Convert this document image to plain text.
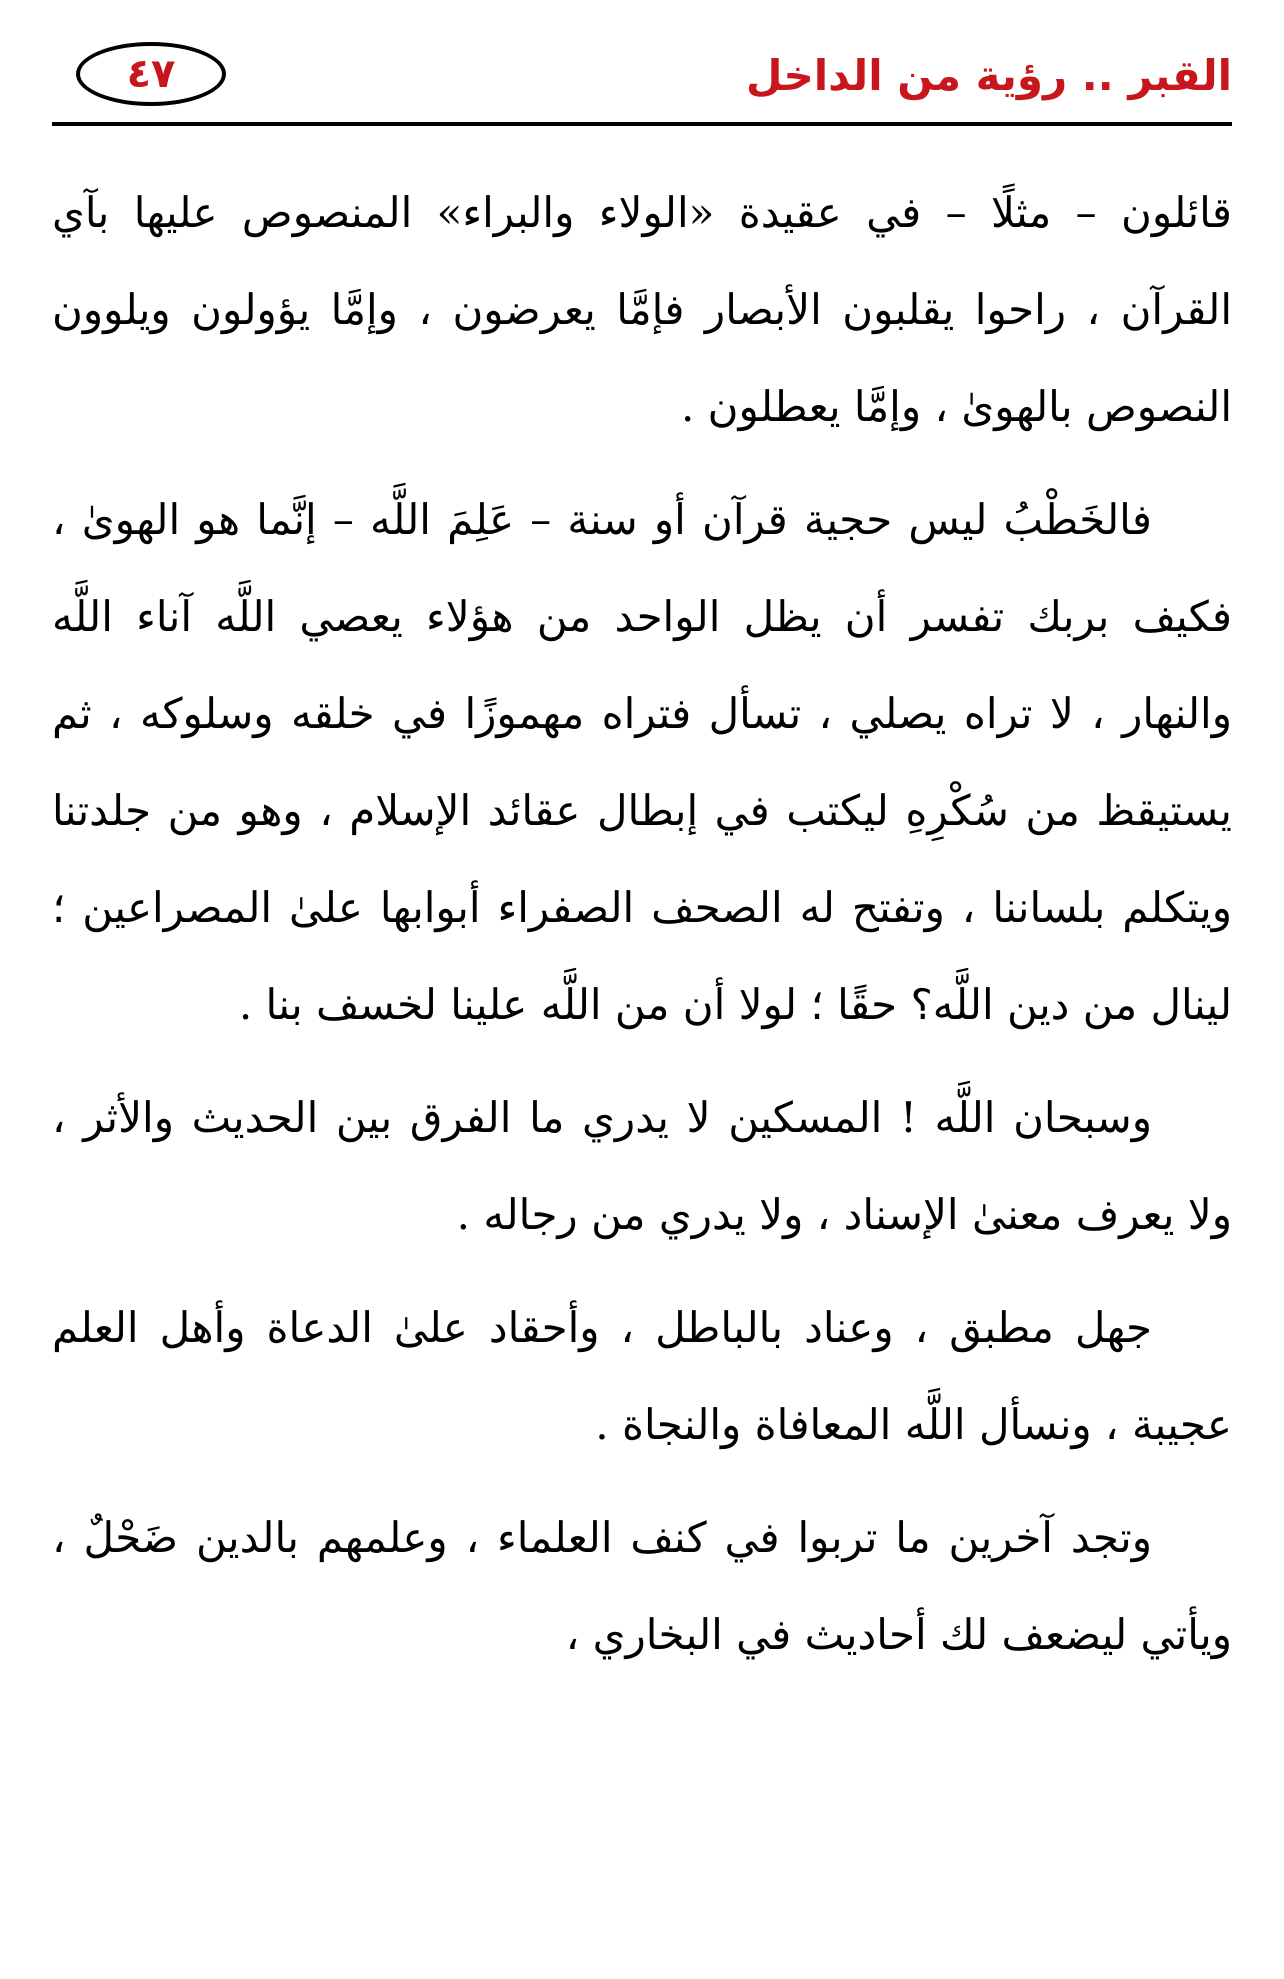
القبر .. رؤية من الداخل
٤٧

قائلون – مثلًا – في عقيدة «الولاء والبراء» المنصوص عليها بآي القرآن ، راحوا يقلبون الأبصار فإمَّا يعرضون ، وإمَّا يؤولون ويلوون النصوص بالهوىٰ ، وإمَّا يعطلون .

فالخَطْبُ ليس حجية قرآن أو سنة – عَلِمَ اللَّه – إنَّما هو الهوىٰ ، فكيف بربك تفسر أن يظل الواحد من هؤلاء يعصي اللَّه آناء اللَّه والنهار ، لا تراه يصلي ، تسأل فتراه مهموزًا في خلقه وسلوكه ، ثم يستيقظ من سُكْرِهِ ليكتب في إبطال عقائد الإسلام ، وهو من جلدتنا ويتكلم بلساننا ، وتفتح له الصحف الصفراء أبوابها علىٰ المصراعين ؛ لينال من دين اللَّه؟ حقًا ؛ لولا أن من اللَّه علينا لخسف بنا .

وسبحان اللَّه ! المسكين لا يدري ما الفرق بين الحديث والأثر ، ولا يعرف معنىٰ الإسناد ، ولا يدري من رجاله .

جهل مطبق ، وعناد بالباطل ، وأحقاد علىٰ الدعاة وأهل العلم عجيبة ، ونسأل اللَّه المعافاة والنجاة .

وتجد آخرين ما تربوا في كنف العلماء ، وعلمهم بالدين ضَحْلٌ ، ويأتي ليضعف لك أحاديث في البخاري ،
